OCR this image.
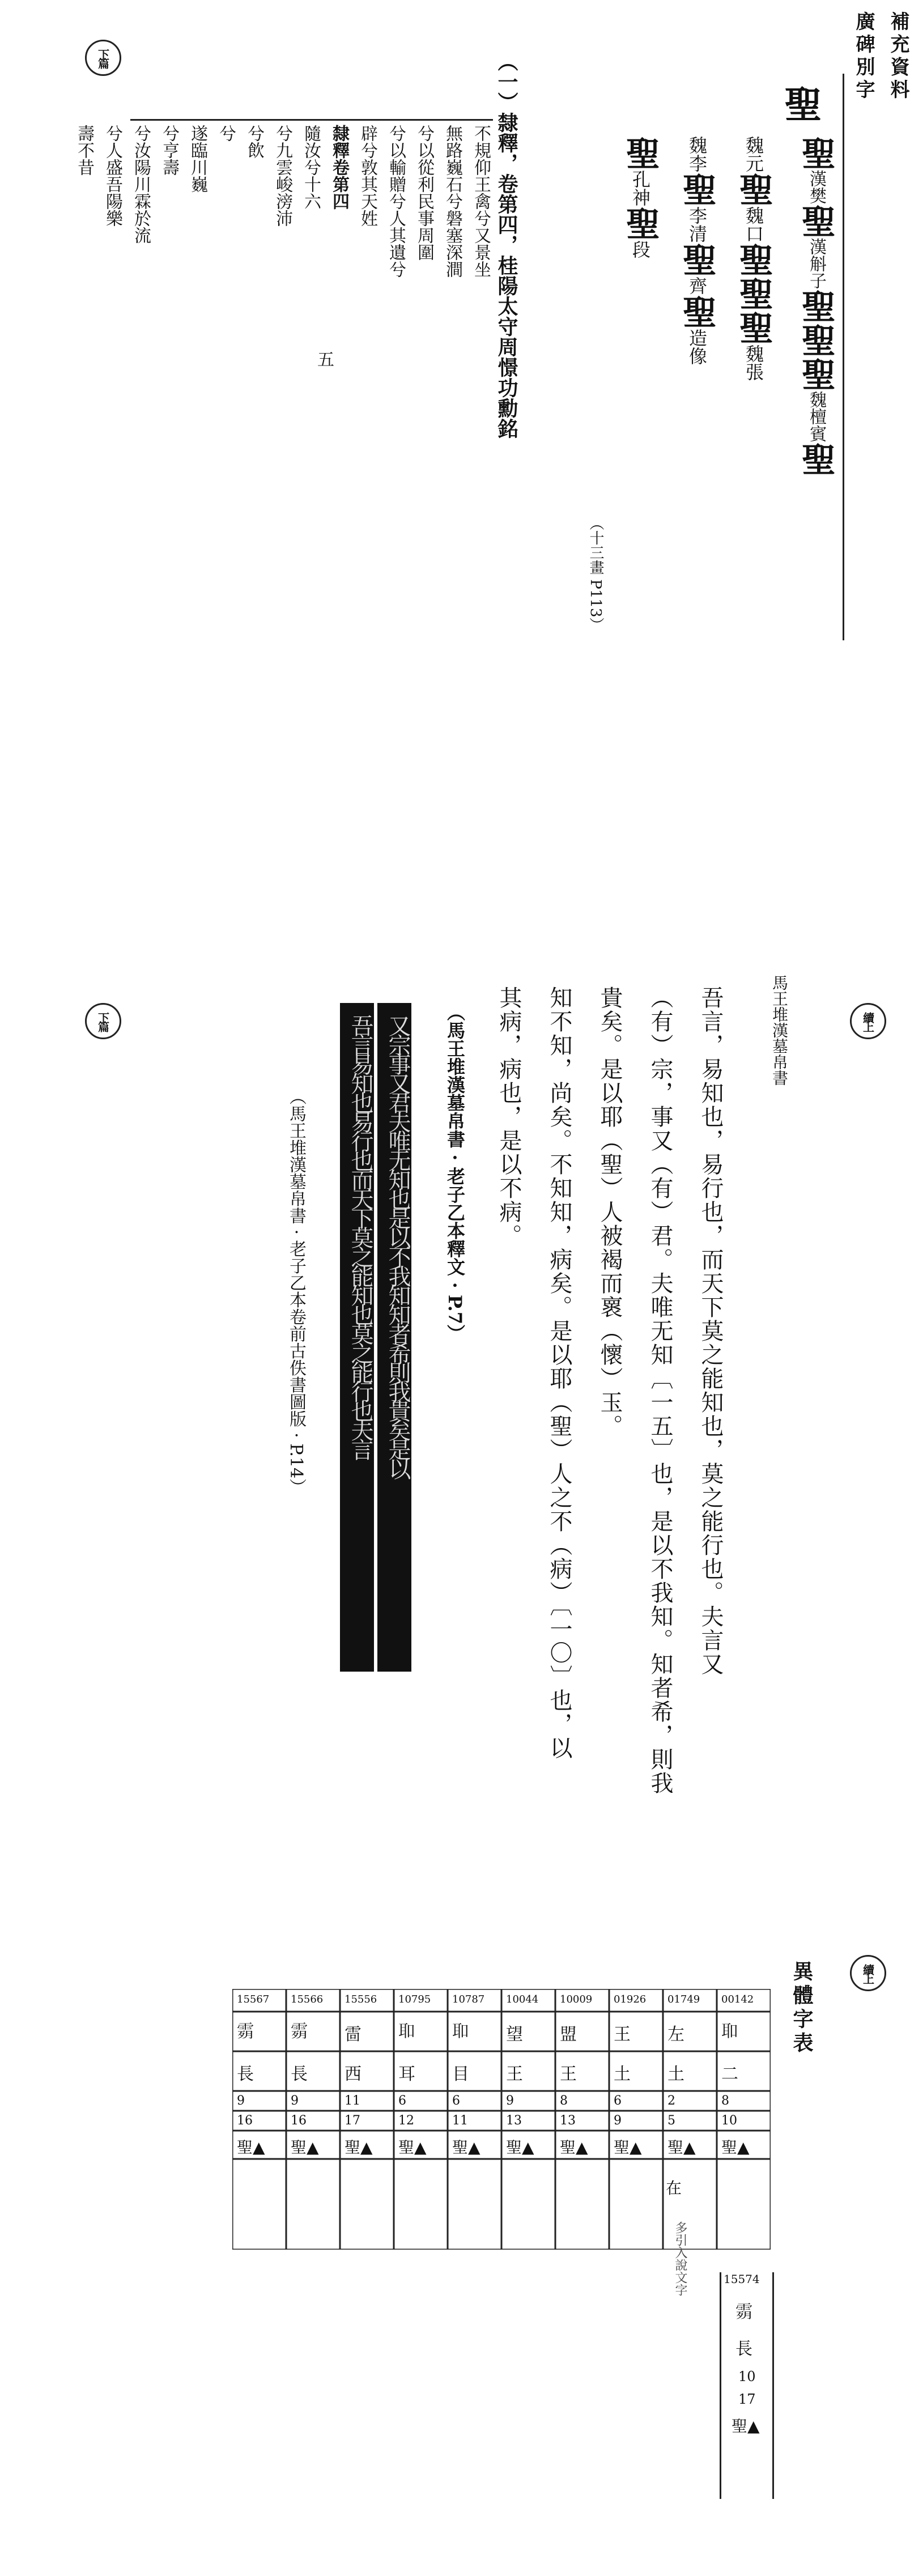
下篇	補充資料
廣碑別字
聖
聖漢樊聖漢斛子聖聖聖魏檀賓聖
魏元聖魏口聖聖聖魏張
魏李聖李清聖齊聖造像
聖孔神聖段
（十三畫 P113）
（一）隸釋，卷第四，桂陽太守周憬功勳銘
不規仰王禽兮又景坐
無路巍石兮磐塞深澗
兮以從利民事周圍
兮以輸贈兮人其遺兮
辟兮敦其天姓
隸釋卷第四
隨汝兮十六
兮九雲峻滂沛
兮飲
兮
遂臨川巍
兮亨壽
兮汝陽川霖於流
兮人盛吾陽樂
壽不昔
五
下篇	續上
馬王堆漢墓帛書
吾言，易知也，易行也，而天下莫之能知也，莫之能行也。夫言又
（有）宗，事又（有）君。夫唯无知〔一五〕也，是以不我知。知者希，則我
貴矣。是以耶（聖）人被褐而褱（懷）玉。
知不知，尚矣。不知知，病矣。是以耶（聖）人之不（病）〔一〇〕也，以
其病，病也，是以不病。
（馬王堆漢墓帛書 · 老子乙本釋文 · P.7）
吾言易知也易行也而天下莫之能知也莫之能行也夫言 又宗事又君夫唯无知也是以不我知知者希則我貴矣是以
（馬王堆漢墓帛書 · 老子乙本卷前古佚書圖版 · P.14）
續上
異體字表
00142
𦔻
二
8
10
聖▲
01749
左
土
2
5
聖▲
01926
王
土
6
9
聖▲
10009
盟
王
8
13
聖▲
10044
望
王
9
13
聖▲
10787
𦔻
目
6
11
聖▲
10795
𦔻
耳
6
12
聖▲
15556
䨓
西
11
17
聖▲
15566
𩃴
長
9
16
聖▲
15567
𩃴
長
9
16
聖▲
15574
𩃴
長
10
17
聖▲
在
多引入說文字
